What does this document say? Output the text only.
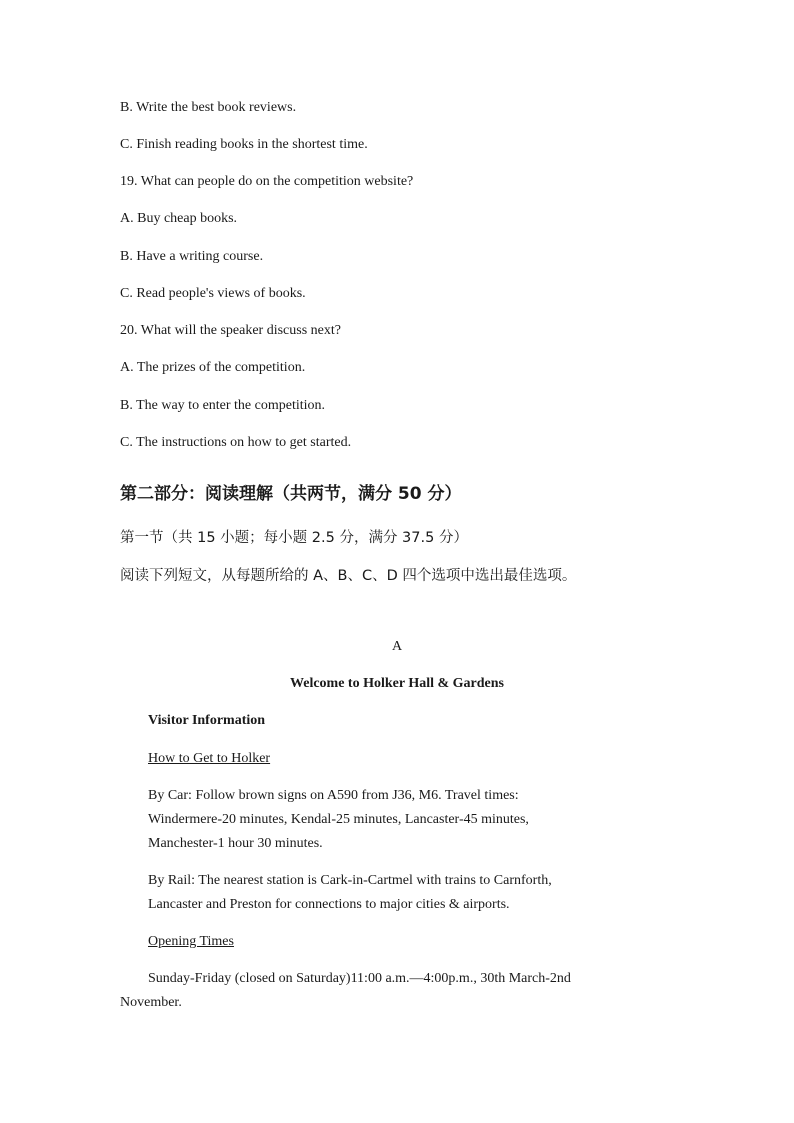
B. Write the best book reviews.
C. Finish reading books in the shortest time.
19. What can people do on the competition website?
A. Buy cheap books.
B. Have a writing course.
C. Read people's views of books.
20. What will the speaker discuss next?
A. The prizes of the competition.
B. The way to enter the competition.
C. The instructions on how to get started.
第二部分：阅读理解（共两节，满分 50 分）
第一节（共 15 小题；每小题 2.5 分，满分 37.5 分）
阅读下列短文，从每题所给的 A、B、C、D 四个选项中选出最佳选项。
A
Welcome to Holker Hall & Gardens
Visitor Information
How to Get to Holker
By Car: Follow brown signs on A590 from J36, M6. Travel times:
Windermere-20 minutes, Kendal-25 minutes, Lancaster-45 minutes,
Manchester-1 hour 30 minutes.
By Rail: The nearest station is Cark-in-Cartmel with trains to Carnforth,
Lancaster and Preston for connections to major cities & airports.
Opening Times
Sunday-Friday (closed on Saturday)11:00 a.m.—4:00p.m., 30th March-2nd
November.
